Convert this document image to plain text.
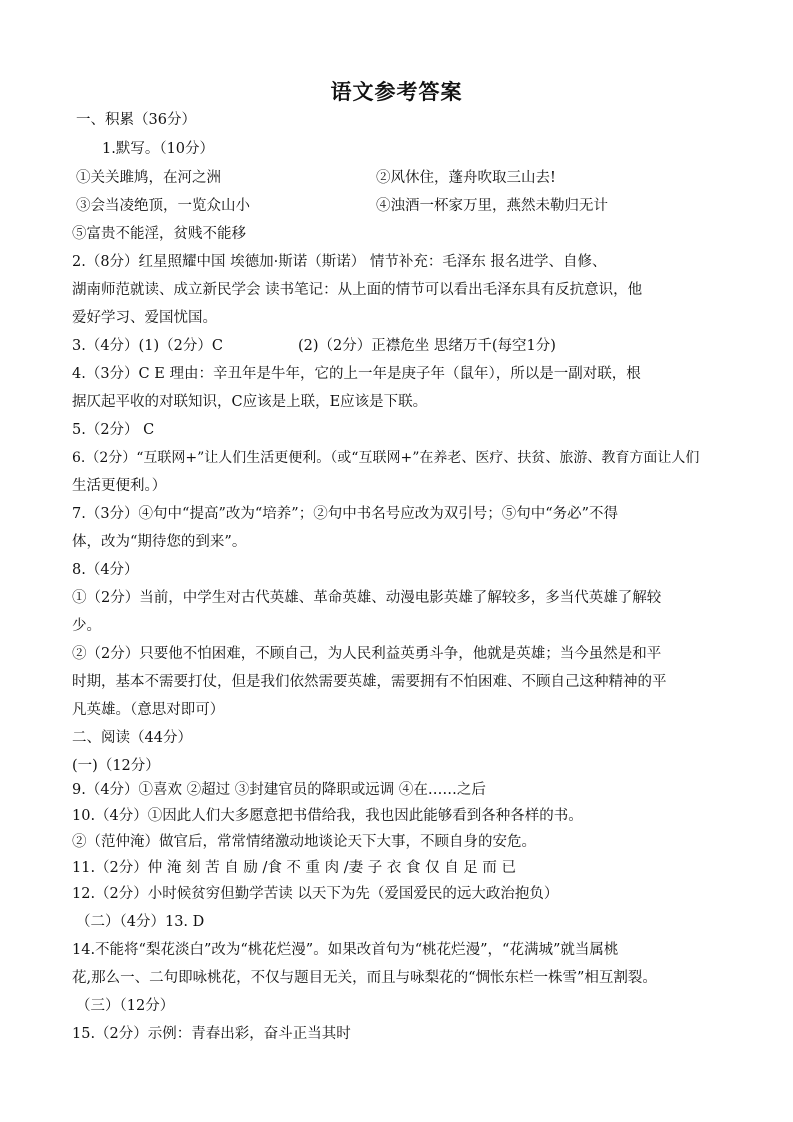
语文参考答案
一、积累（36分）
1.默写。（10分）
①关关雎鸠，在河之洲	②风休住，蓬舟吹取三山去!
③会当凌绝顶，一览众山小	④浊酒一杯家万里，燕然未勒归无计
⑤富贵不能淫，贫贱不能移
2.（8分）红星照耀中国 埃德加·斯诺（斯诺） 情节补充：毛泽东 报名进学、自修、
湖南师范就读、成立新民学会 读书笔记：从上面的情节可以看出毛泽东具有反抗意识，他
爱好学习、爱国忧国。
3.（4分）(1)（2分）C	(2)（2分）正襟危坐 思绪万千(每空1分)
4.（3分）C E 理由：辛丑年是牛年，它的上一年是庚子年（鼠年），所以是一副对联，根
据仄起平收的对联知识，C应该是上联，E应该是下联。
5.（2分） C
6.（2分）“互联网+”让人们生活更便利。（或“互联网+”在养老、医疗、扶贫、旅游、教育方面让人们
生活更便利。）
7.（3分）④句中“提高”改为“培养”；②句中书名号应改为双引号；⑤句中“务必”不得
体，改为“期待您的到来”。
8.（4分）
①（2分）当前，中学生对古代英雄、革命英雄、动漫电影英雄了解较多，多当代英雄了解较
少。
②（2分）只要他不怕困难，不顾自己，为人民利益英勇斗争，他就是英雄；当今虽然是和平
时期，基本不需要打仗，但是我们依然需要英雄，需要拥有不怕困难、不顾自己这种精神的平
凡英雄。（意思对即可）
二、阅读（44分）
(一)（12分）
9.（4分）①喜欢 ②超过 ③封建官员的降职或远调 ④在……之后
10.（4分）①因此人们大多愿意把书借给我，我也因此能够看到各种各样的书。
②（范仲淹）做官后，常常情绪激动地谈论天下大事，不顾自身的安危。
11.（2分）仲 淹 刻 苦 自 励 /食 不 重 肉 /妻 子 衣 食 仅 自 足 而 已
12.（2分）小时候贫穷但勤学苦读 以天下为先（爱国爱民的远大政治抱负）
（二）（4分）13. D
14.不能将“梨花淡白”改为“桃花烂漫”。如果改首句为“桃花烂漫”，“花满城”就当属桃
花,那么一、二句即咏桃花，不仅与题目无关，而且与咏梨花的“惆怅东栏一株雪”相互割裂。
（三）（12分）
15.（2分）示例：青春出彩，奋斗正当其时
